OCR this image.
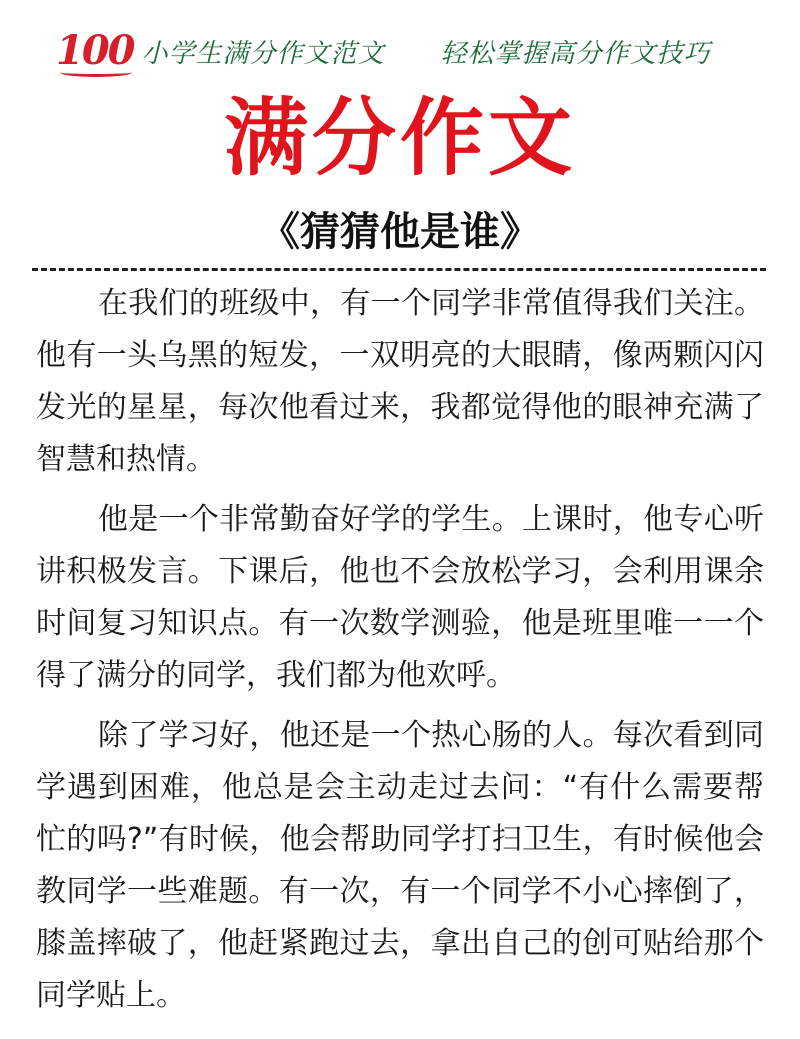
100 小学生满分作文范文 轻松掌握高分作文技巧
满分作文
《猜猜他是谁》

在我们的班级中，有一个同学非常值得我们关注。他有一头乌黑的短发，一双明亮的大眼睛，像两颗闪闪发光的星星，每次他看过来，我都觉得他的眼神充满了智慧和热情。

他是一个非常勤奋好学的学生。上课时，他专心听讲积极发言。下课后，他也不会放松学习，会利用课余时间复习知识点。有一次数学测验，他是班里唯一一个得了满分的同学，我们都为他欢呼。

除了学习好，他还是一个热心肠的人。每次看到同学遇到困难，他总是会主动走过去问：“有什么需要帮忙的吗?”有时候，他会帮助同学打扫卫生，有时候他会教同学一些难题。有一次，有一个同学不小心摔倒了，膝盖摔破了，他赶紧跑过去，拿出自己的创可贴给那个同学贴上。
